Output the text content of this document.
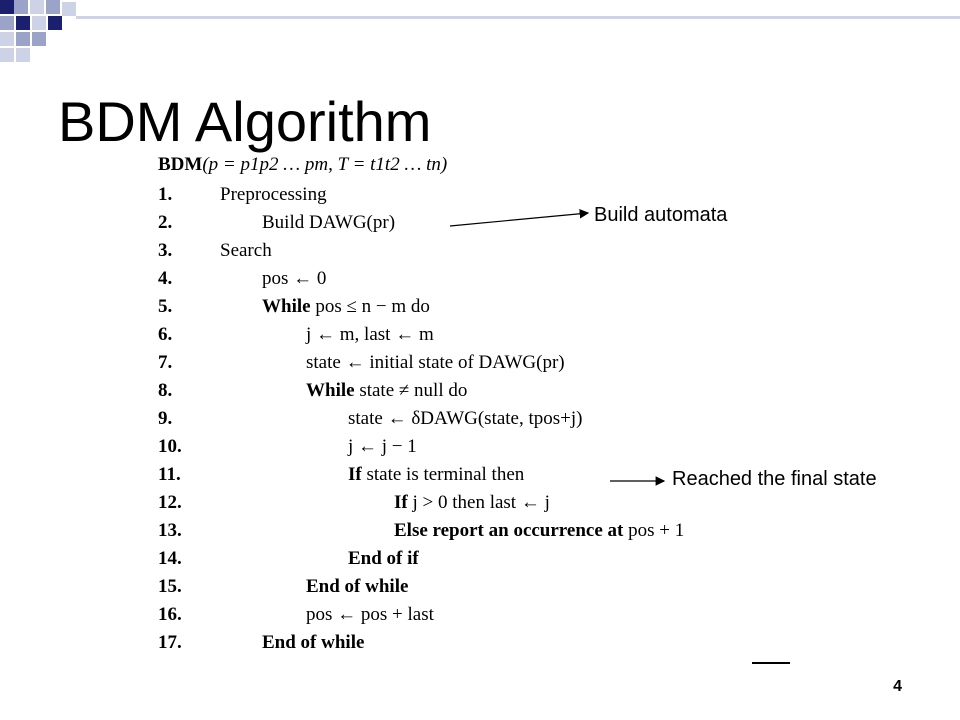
BDM Algorithm
BDM(p = p1p2 … pm, T = t1t2 … tn)
1.	Preprocessing
2.	Build DAWG(pr)
3.	Search
4.	pos ← 0
5.	While pos ≤ n − m do
6.	j ← m, last ← m
7.	state ← initial state of DAWG(pr)
8.	While state ≠ null do
9.	state ← δDAWG(state, tpos+j)
10.	j ← j − 1
11.	If state is terminal then
12.	If j > 0 then last ← j
13.	Else report an occurrence at pos + 1
14.	End of if
15.	End of while
16.	pos ← pos + last
17.	End of while
Build automata
Reached the final state
4
